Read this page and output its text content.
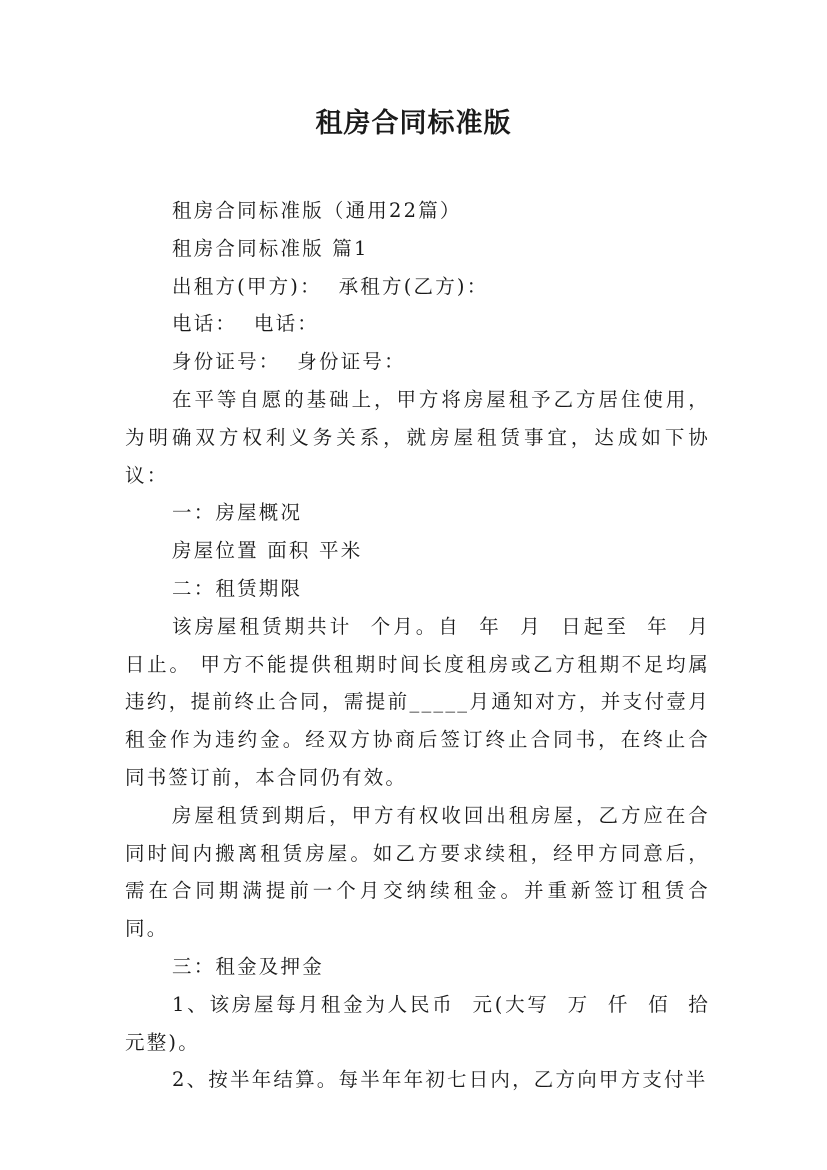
租房合同标准版

租房合同标准版（通用22篇）

租房合同标准版 篇1

出租方(甲方)：  承租方(乙方)：

电话：  电话：

身份证号：  身份证号：

在平等自愿的基础上，甲方将房屋租予乙方居住使用，为明确双方权利义务关系，就房屋租赁事宜，达成如下协议：

一：房屋概况

房屋位置 面积 平米

二：租赁期限

该房屋租赁期共计  个月。自  年  月  日起至  年  月  日止。 甲方不能提供租期时间长度租房或乙方租期不足均属违约，提前终止合同，需提前_____月通知对方，并支付壹月租金作为违约金。经双方协商后签订终止合同书，在终止合同书签订前，本合同仍有效。

房屋租赁到期后，甲方有权收回出租房屋，乙方应在合同时间内搬离租赁房屋。如乙方要求续租，经甲方同意后，需在合同期满提前一个月交纳续租金。并重新签订租赁合同。

三：租金及押金

1、该房屋每月租金为人民币  元(大写  万  仟  佰  拾  元整)。

2、按半年结算。每半年年初七日内，乙方向甲方支付半
